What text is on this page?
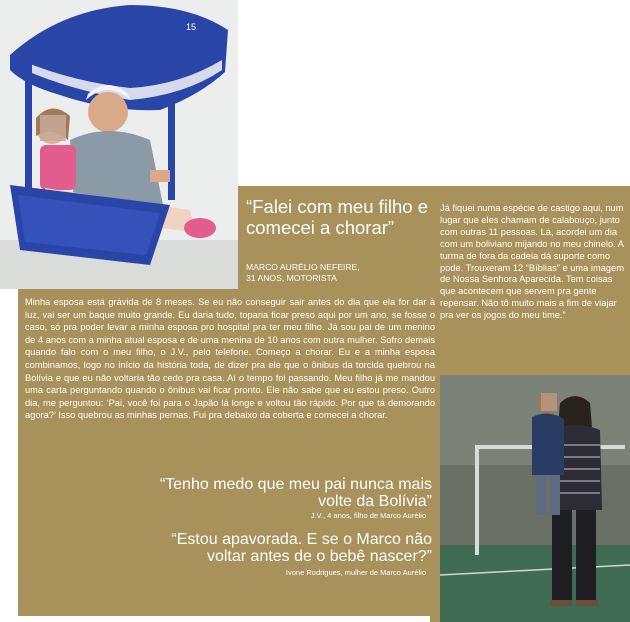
15
“Falei com meu filho e comecei a chorar”
MARCO AURÉLIO NEFEIRE,
31 ANOS, MOTORISTA

Minha esposa está grávida de 8 meses. Se eu não conseguir sair antes do dia que ela for dar à luz, vai ser um baque muito grande. Eu daria tudo, toparia ficar preso aqui por um ano, se fosse o caso, só pra poder levar a minha esposa pro hospital pra ter meu filho. Já sou pai de um menino de 4 anos com a minha atual esposa e de uma menina de 10 anos com outra mulher. Sofro demais quando falo com o meu filho, o J.V., pelo telefone. Começo a chorar. Eu e a minha esposa combinamos, logo no início da história toda, de dizer pra ele que o ônibus da torcida quebrou na Bolívia e que eu não voltaria tão cedo pra casa. Aí o tempo foi passando. Meu filho já me mandou uma carta perguntando quando o ônibus vai ficar pronto. Ele não sabe que eu estou preso. Outro dia, me perguntou: ‘Pai, você foi para o Japão lá longe e voltou tão rápido. Por que tá demorando agora?’ Isso quebrou as minhas pernas. Fui pra debaixo da coberta e comecei a chorar.

Já fiquei numa espécie de castigo aqui, num lugar que eles chamam de calabouço, junto com outras 11 pessoas. Lá, acordei um dia com um boliviano mijando no meu chinelo. A turma de fora da cadeia dá suporte como pode. Trouxeram 12 “Bíblias” e uma imagem de Nossa Senhora Aparecida. Tem coisas que acontecem que servem pra gente repensar. Não tô muito mais a fim de viajar pra ver os jogos do meu time.”

“Tenho medo que meu pai nunca mais volte da Bolívia”

J.V., 4 anos, filho de Marco Aurélio

“Estou apavorada. E se o Marco não voltar antes de o bebê nascer?”

Ivone Rodrigues, mulher de Marco Aurélio
